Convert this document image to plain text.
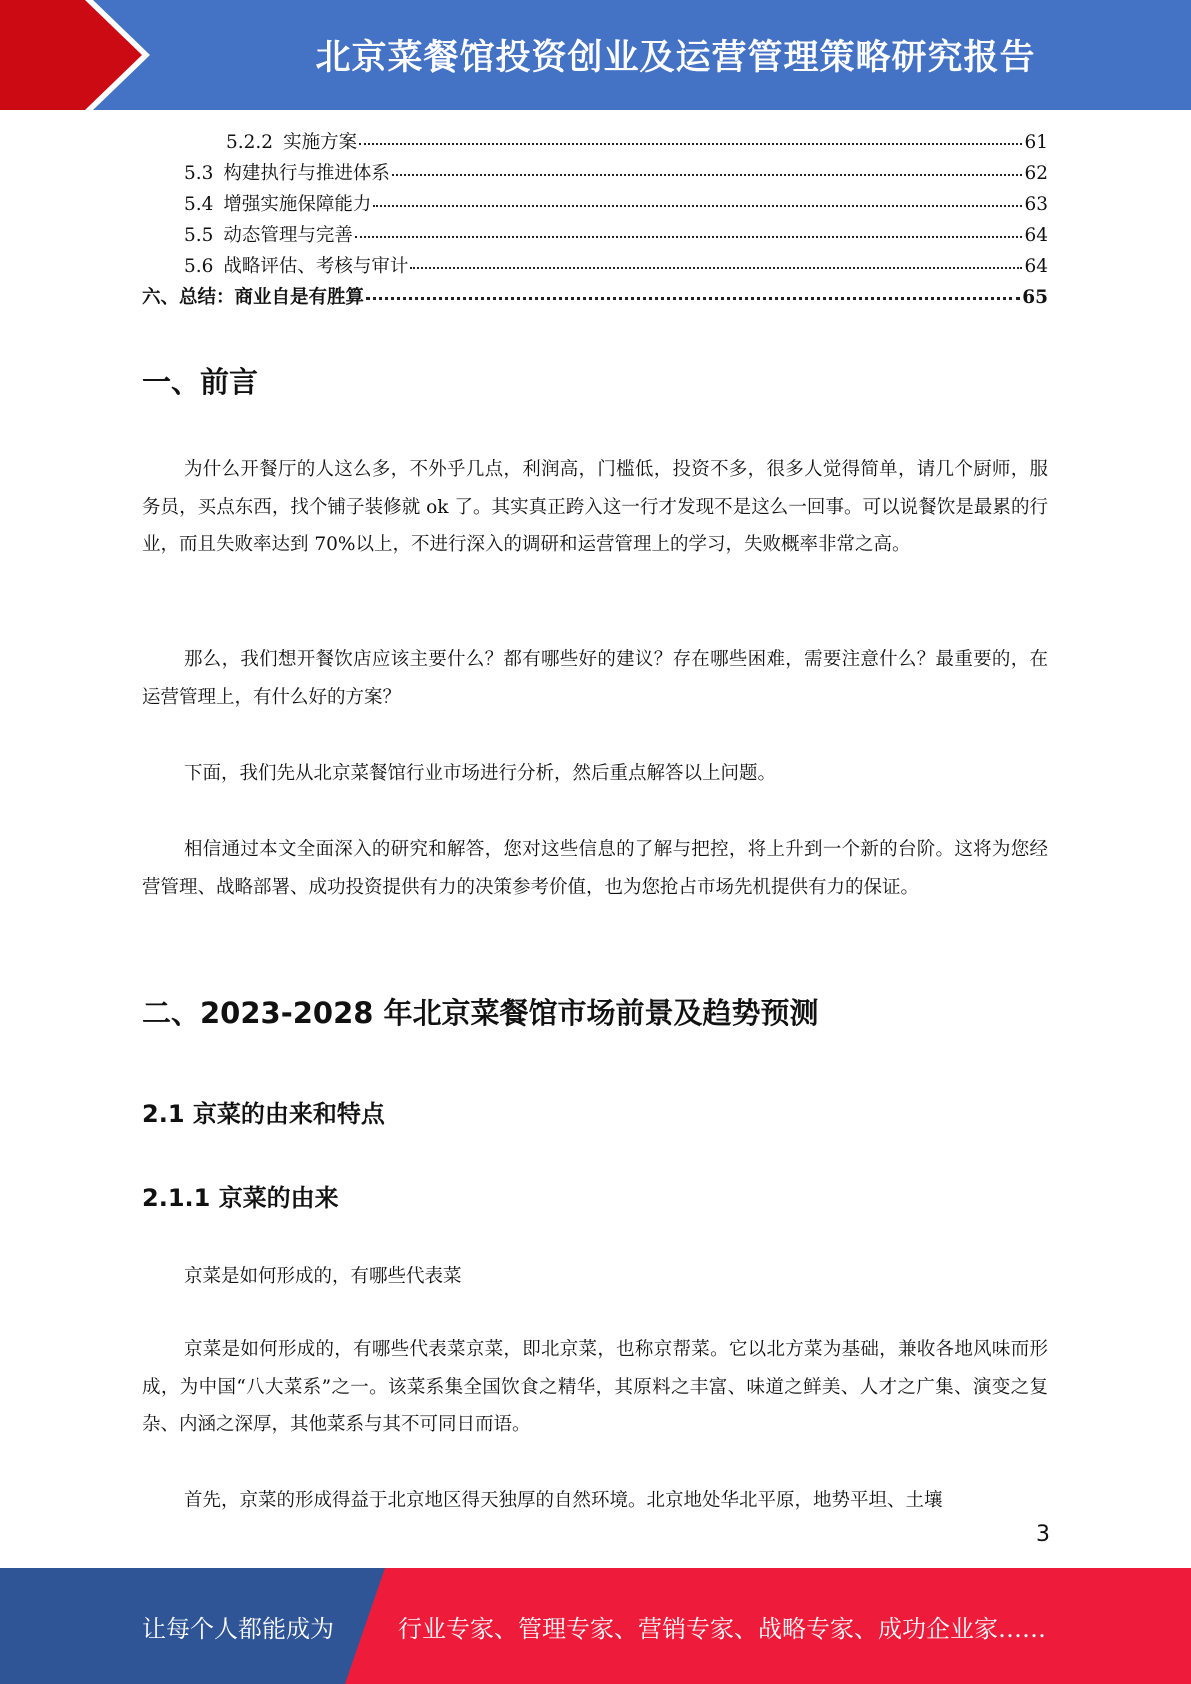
北京菜餐馆投资创业及运营管理策略研究报告
5.2.2 实施方案	61
5.3 构建执行与推进体系	62
5.4 增强实施保障能力	63
5.5 动态管理与完善	64
5.6 战略评估、考核与审计	64
六、总结：商业自是有胜算	65
一、前言

为什么开餐厅的人这么多，不外乎几点，利润高，门槛低，投资不多，很多人觉得简单，请几个厨师，服务员，买点东西，找个铺子装修就 ok 了。其实真正跨入这一行才发现不是这么一回事。可以说餐饮是最累的行业，而且失败率达到 70%以上，不进行深入的调研和运营管理上的学习，失败概率非常之高。

那么，我们想开餐饮店应该主要什么？都有哪些好的建议？存在哪些困难，需要注意什么？最重要的，在运营管理上，有什么好的方案？

下面，我们先从北京菜餐馆行业市场进行分析，然后重点解答以上问题。

相信通过本文全面深入的研究和解答，您对这些信息的了解与把控，将上升到一个新的台阶。这将为您经营管理、战略部署、成功投资提供有力的决策参考价值，也为您抢占市场先机提供有力的保证。

二、2023-2028 年北京菜餐馆市场前景及趋势预测
2.1 京菜的由来和特点
2.1.1 京菜的由来

京菜是如何形成的，有哪些代表菜

京菜是如何形成的，有哪些代表菜京菜，即北京菜，也称京帮菜。它以北方菜为基础，兼收各地风味而形成，为中国“八大菜系”之一。该菜系集全国饮食之精华，其原料之丰富、味道之鲜美、人才之广集、演变之复杂、内涵之深厚，其他菜系与其不可同日而语。

首先，京菜的形成得益于北京地区得天独厚的自然环境。北京地处华北平原，地势平坦、土壤

3
让每个人都能成为	行业专家、管理专家、营销专家、战略专家、成功企业家……
